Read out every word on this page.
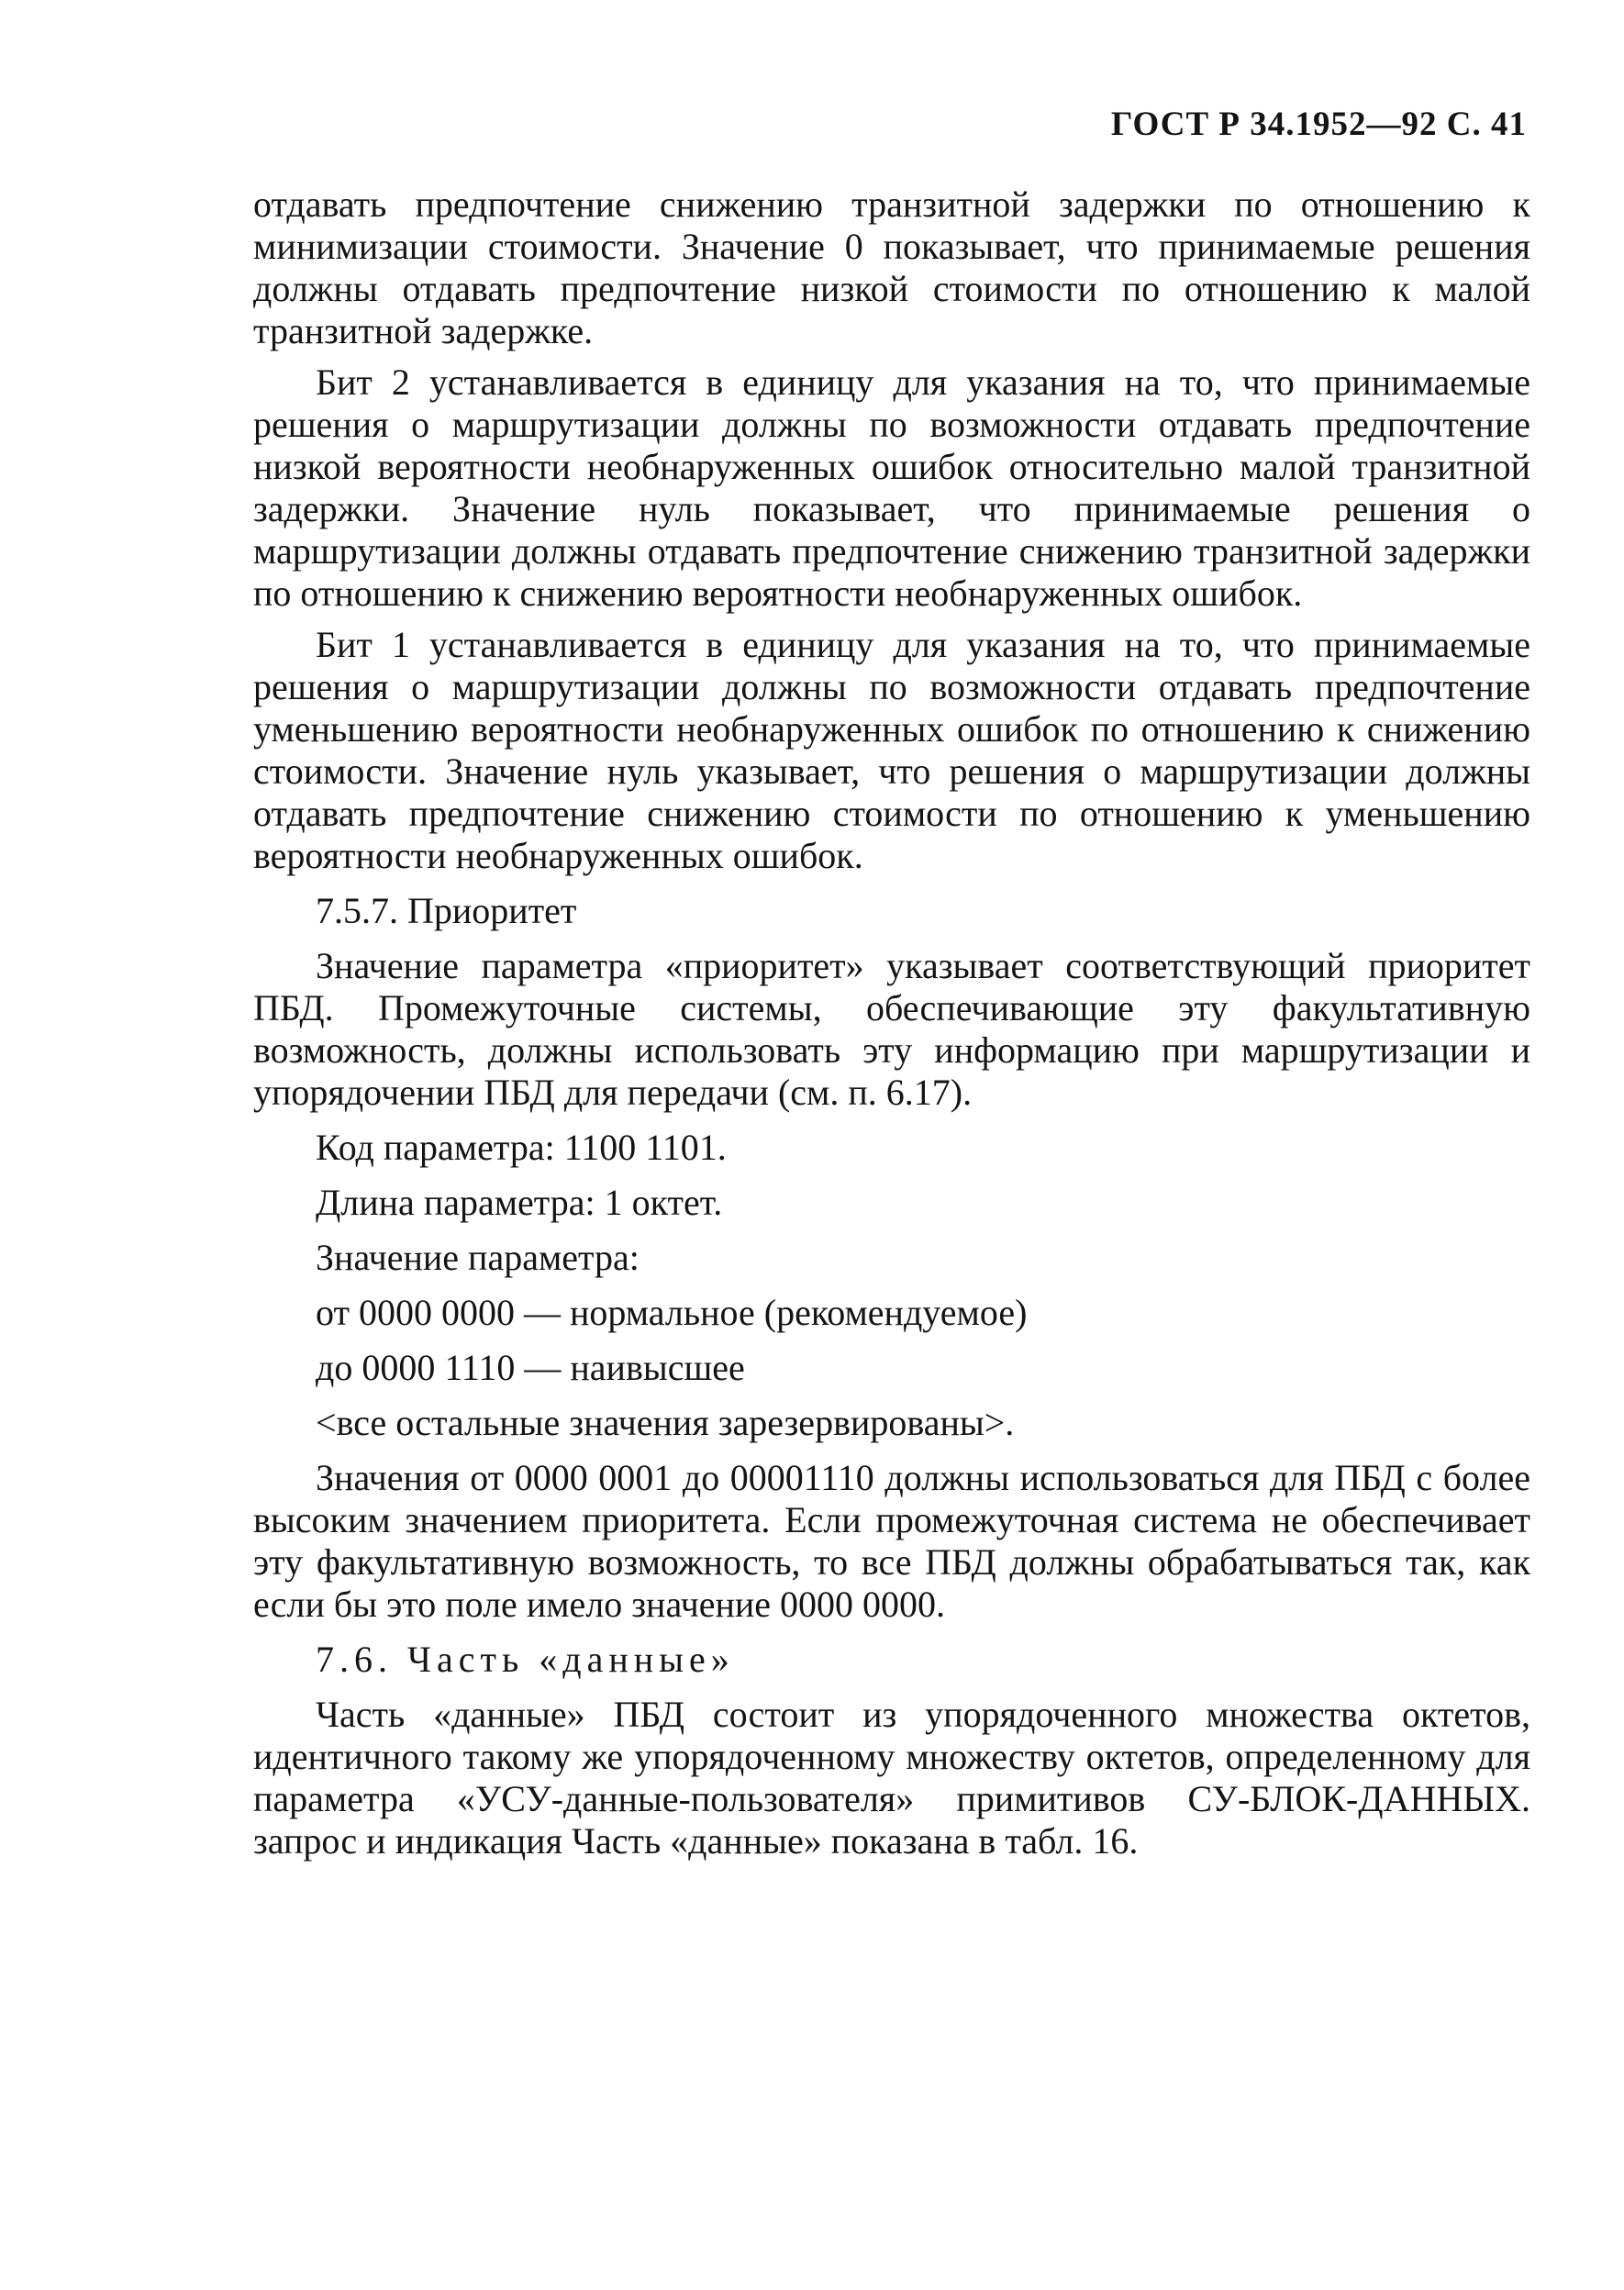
ГОСТ Р 34.1952—92 С. 41

отдавать предпочтение снижению транзитной задержки по отношению к минимизации стоимости. Значение 0 показывает, что принимаемые решения должны отдавать предпочтение низкой стоимости по отношению к малой транзитной задержке.

Бит 2 устанавливается в единицу для указания на то, что принимаемые решения о маршрутизации должны по возможности отдавать предпочтение низкой вероятности необнаруженных ошибок относительно малой транзитной задержки. Значение нуль показывает, что принимаемые решения о маршрутизации должны отдавать предпочтение снижению транзитной задержки по отношению к снижению вероятности необнаруженных ошибок.

Бит 1 устанавливается в единицу для указания на то, что принимаемые решения о маршрутизации должны по возможности отдавать предпочтение уменьшению вероятности необнаруженных ошибок по отношению к снижению стоимости. Значение нуль указывает, что решения о маршрутизации должны отдавать предпочтение снижению стоимости по отношению к уменьшению вероятности необнаруженных ошибок.

7.5.7. Приоритет

Значение параметра «приоритет» указывает соответствующий приоритет ПБД. Промежуточные системы, обеспечивающие эту факультативную возможность, должны использовать эту информацию при маршрутизации и упорядочении ПБД для передачи (см. п. 6.17).

Код параметра: 1100 1101.

Длина параметра: 1 октет.

Значение параметра:

от 0000 0000 — нормальное (рекомендуемое)

до 0000 1110 — наивысшее

<все остальные значения зарезервированы>.

Значения от 0000 0001 до 00001110 должны использоваться для ПБД с более высоким значением приоритета. Если промежуточная система не обеспечивает эту факультативную возможность, то все ПБД должны обрабатываться так, как если бы это поле имело значение 0000 0000.

7.6. Часть «данные»

Часть «данные» ПБД состоит из упорядоченного множества октетов, идентичного такому же упорядоченному множеству октетов, определенному для параметра «УСУ-данные-пользователя» примитивов СУ-БЛОК-ДАННЫХ. запрос и индикация Часть «данные» показана в табл. 16.
